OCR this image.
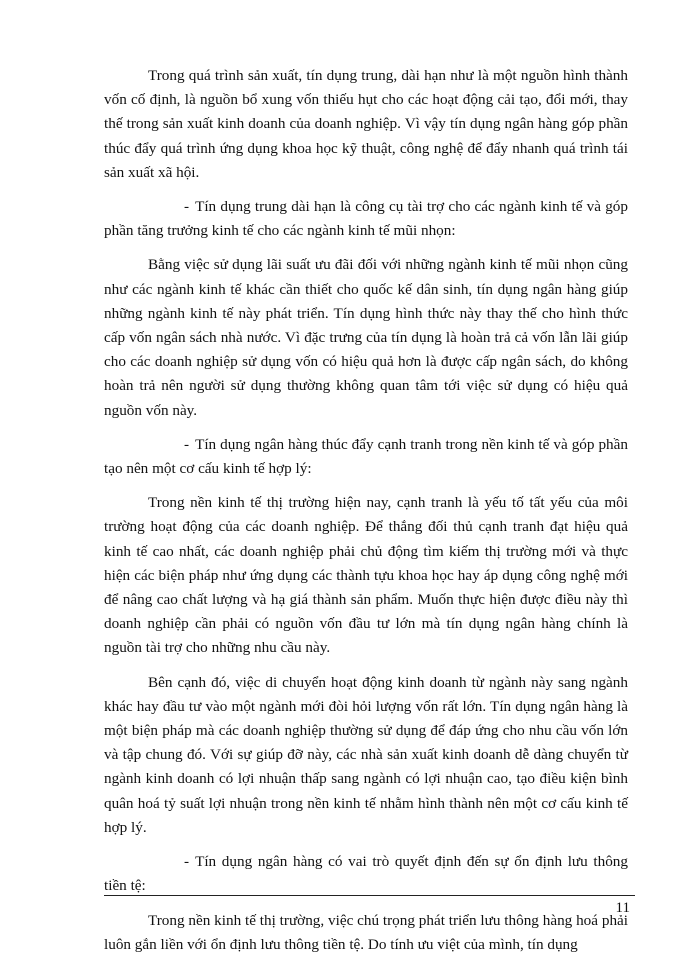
Trong quá trình sản xuất, tín dụng trung, dài hạn như là một nguồn hình thành vốn cố định, là nguồn bổ xung vốn thiếu hụt cho các hoạt động cải tạo, đổi mới, thay thế trong sản xuất kinh doanh của doanh nghiệp. Vì vậy tín dụng ngân hàng góp phần thúc đẩy quá trình ứng dụng khoa học kỹ thuật, công nghệ để đẩy nhanh quá trình tái sản xuất xã hội.

- Tín dụng trung dài hạn là công cụ tài trợ cho các ngành kinh tế và góp phần tăng trưởng kinh tế cho các ngành kinh tế mũi nhọn:

Bằng việc sử dụng lãi suất ưu đãi đối với những ngành kinh tế mũi nhọn cũng như các ngành kinh tế khác cần thiết cho quốc kế dân sinh, tín dụng ngân hàng giúp những ngành kinh tế này phát triển. Tín dụng hình thức này thay thế cho hình thức cấp vốn ngân sách nhà nước. Vì đặc trưng của tín dụng là hoàn trả cả vốn lẫn lãi giúp cho các doanh nghiệp sử dụng vốn có hiệu quả hơn là được cấp ngân sách, do không hoàn trả nên người sử dụng thường không quan tâm tới việc sử dụng có hiệu quả nguồn vốn này.

- Tín dụng ngân hàng thúc đẩy cạnh tranh trong nền kinh tế và góp phần tạo nên một cơ cấu kinh tế hợp lý:

Trong nền kinh tế thị trường hiện nay, cạnh tranh là yếu tố tất yếu của môi trường hoạt động của các doanh nghiệp. Để thắng đối thủ cạnh tranh đạt hiệu quả kinh tế cao nhất, các doanh nghiệp phải chủ động tìm kiếm thị trường mới và thực hiện các biện pháp như ứng dụng các thành tựu khoa học hay áp dụng công nghệ mới để nâng cao chất lượng và hạ giá thành sản phẩm. Muốn thực hiện được điều này thì doanh nghiệp cần phải có nguồn vốn đầu tư lớn mà tín dụng ngân hàng chính là nguồn tài trợ cho những nhu cầu này.

Bên cạnh đó, việc di chuyển hoạt động kinh doanh từ ngành này sang ngành khác hay đầu tư vào một ngành mới đòi hỏi lượng vốn rất lớn. Tín dụng ngân hàng là một biện pháp mà các doanh nghiệp thường sử dụng để đáp ứng cho nhu cầu vốn lớn và tập chung đó. Với sự giúp đỡ này, các nhà sản xuất kinh doanh dễ dàng chuyển từ ngành kinh doanh có lợi nhuận thấp sang ngành có lợi nhuận cao, tạo điều kiện bình quân hoá tỷ suất lợi nhuận trong nền kinh tế nhằm hình thành nên một cơ cấu kinh tế hợp lý.

- Tín dụng ngân hàng có vai trò quyết định đến sự ổn định lưu thông tiền tệ:

Trong nền kinh tế thị trường, việc chú trọng phát triển lưu thông hàng hoá phải luôn gắn liền với ổn định lưu thông tiền tệ. Do tính ưu việt của mình, tín dụng

11
